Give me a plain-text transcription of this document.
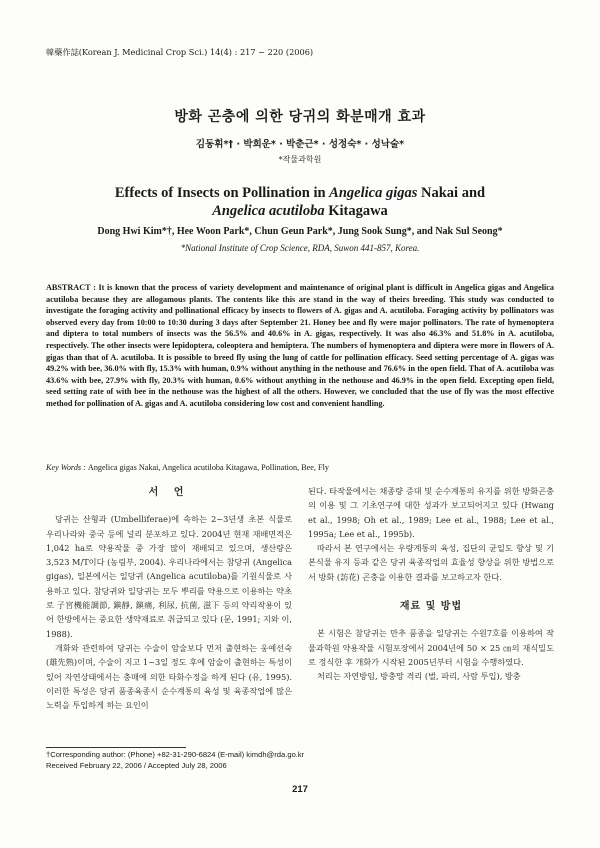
韓藥作誌(Korean J. Medicinal Crop Sci.) 14(4) : 217 − 220 (2006)
방화 곤충에 의한 당귀의 화분매개 효과
김동휘*† · 박희운* · 박춘근* · 성정숙* · 성낙술*
*작물과학원
Effects of Insects on Pollination in Angelica gigas Nakai and
Angelica acutiloba Kitagawa
Dong Hwi Kim*†, Hee Woon Park*, Chun Geun Park*, Jung Sook Sung*, and Nak Sul Seong*
*National Institute of Crop Science, RDA, Suwon 441-857, Korea.
ABSTRACT : It is known that the process of variety development and maintenance of original plant is difficult in Angelica gigas and Angelica acutiloba because they are allogamous plants. The contents like this are stand in the way of theirs breeding. This study was conducted to investigate the foraging activity and pollinational efficacy by insects to flowers of A. gigas and A. acutiloba. Foraging activity by pollinators was observed every day from 10:00 to 10:30 during 3 days after September 21. Honey bee and fly were major pollinators. The rate of hymenoptera and diptera to total numbers of insects was the 56.5% and 40.6% in A. gigas, respectively. It was also 46.3% and 51.8% in A. acutiloba, respectively. The other insects were lepidoptera, coleoptera and hemiptera. The numbers of hymenoptera and diptera were more in flowers of A. gigas than that of A. acutiloba. It is possible to breed fly using the lung of cattle for pollination efficacy. Seed setting percentage of A. gigas was 49.2% with bee, 36.0% with fly, 15.3% with human, 0.9% without anything in the nethouse and 76.6% in the open field. That of A. acutiloba was 43.6% with bee, 27.9% with fly, 20.3% with human, 0.6% without anything in the nethouse and 46.9% in the open field. Excepting open field, seed setting rate of with bee in the nethouse was the highest of all the others. However, we concluded that the use of fly was the most effective method for pollination of A. gigas and A. acutiloba considering low cost and convenient handling.
Key Words : Angelica gigas Nakai, Angelica acutiloba Kitagawa, Pollination, Bee, Fly
서 언

당귀는 산형과 (Umbelliferae)에 속하는 2~3년생 초본 식물로 우리나라와 중국 등에 널리 분포하고 있다. 2004년 현재 재배면적은 1,042 ha로 약용작물 중 가장 많이 재배되고 있으며, 생산량은 3,523 M/T이다 (농림부, 2004). 우리나라에서는 참당귀 (Angelica gigas), 일본에서는 일당귀 (Angelica acutiloba)를 기원식물로 사용하고 있다. 참당귀와 일당귀는 모두 뿌리를 약용으로 이용하는 약초로 子宮機能調節, 鎭靜, 鎭痛, 利尿, 抗菌, 滋下 등의 약리작용이 있어 한방에서는 중요한 생약재료로 취급되고 있다 (문, 1991; 지와 이, 1988).

개화와 관련하여 당귀는 수술이 암술보다 먼저 출현하는 웅예선숙 (雄先熟)이며, 수술이 지고 1~3일 정도 후에 암술이 출현하는 특성이 있어 자연상태에서는 충매에 의한 타화수정을 하게 된다 (유, 1995). 이러한 특성은 당귀 품종육종시 순수계통의 육성 및 육종작업에 많은 노력을 투입하게 하는 요인이

된다. 타작물에서는 채종량 증대 및 순수계통의 유지를 위한 방화곤충의 이용 및 그 기초연구에 대한 성과가 보고되어지고 있다 (Hwang et al., 1998; Oh et al., 1989; Lee et al., 1988; Lee et al., 1995a; Lee et al., 1995b).

따라서 본 연구에서는 우량계통의 육성, 집단의 균일도 향상 및 기본식물 유지 등과 같은 당귀 육종작업의 효율성 향상을 위한 방법으로서 방화 (訪花) 곤충을 이용한 결과를 보고하고자 한다.

재료 및 방법

본 시험은 참당귀는 만추 품종을 일당귀는 수원7호를 이용하여 작물과학원 약용작물 시험포장에서 2004년에 50 × 25 ㎝의 재식밀도로 정식한 후 개화가 시작된 2005년부터 시험을 수행하였다.

처리는 자연방임, 방충망 격리 (벌, 파리, 사람 투입), 방충

†Corresponding author: (Phone) +82-31-290-6824 (E-mail) kimdh@rda.go.kr
Received February 22, 2006 / Accepted July 28, 2006
217
